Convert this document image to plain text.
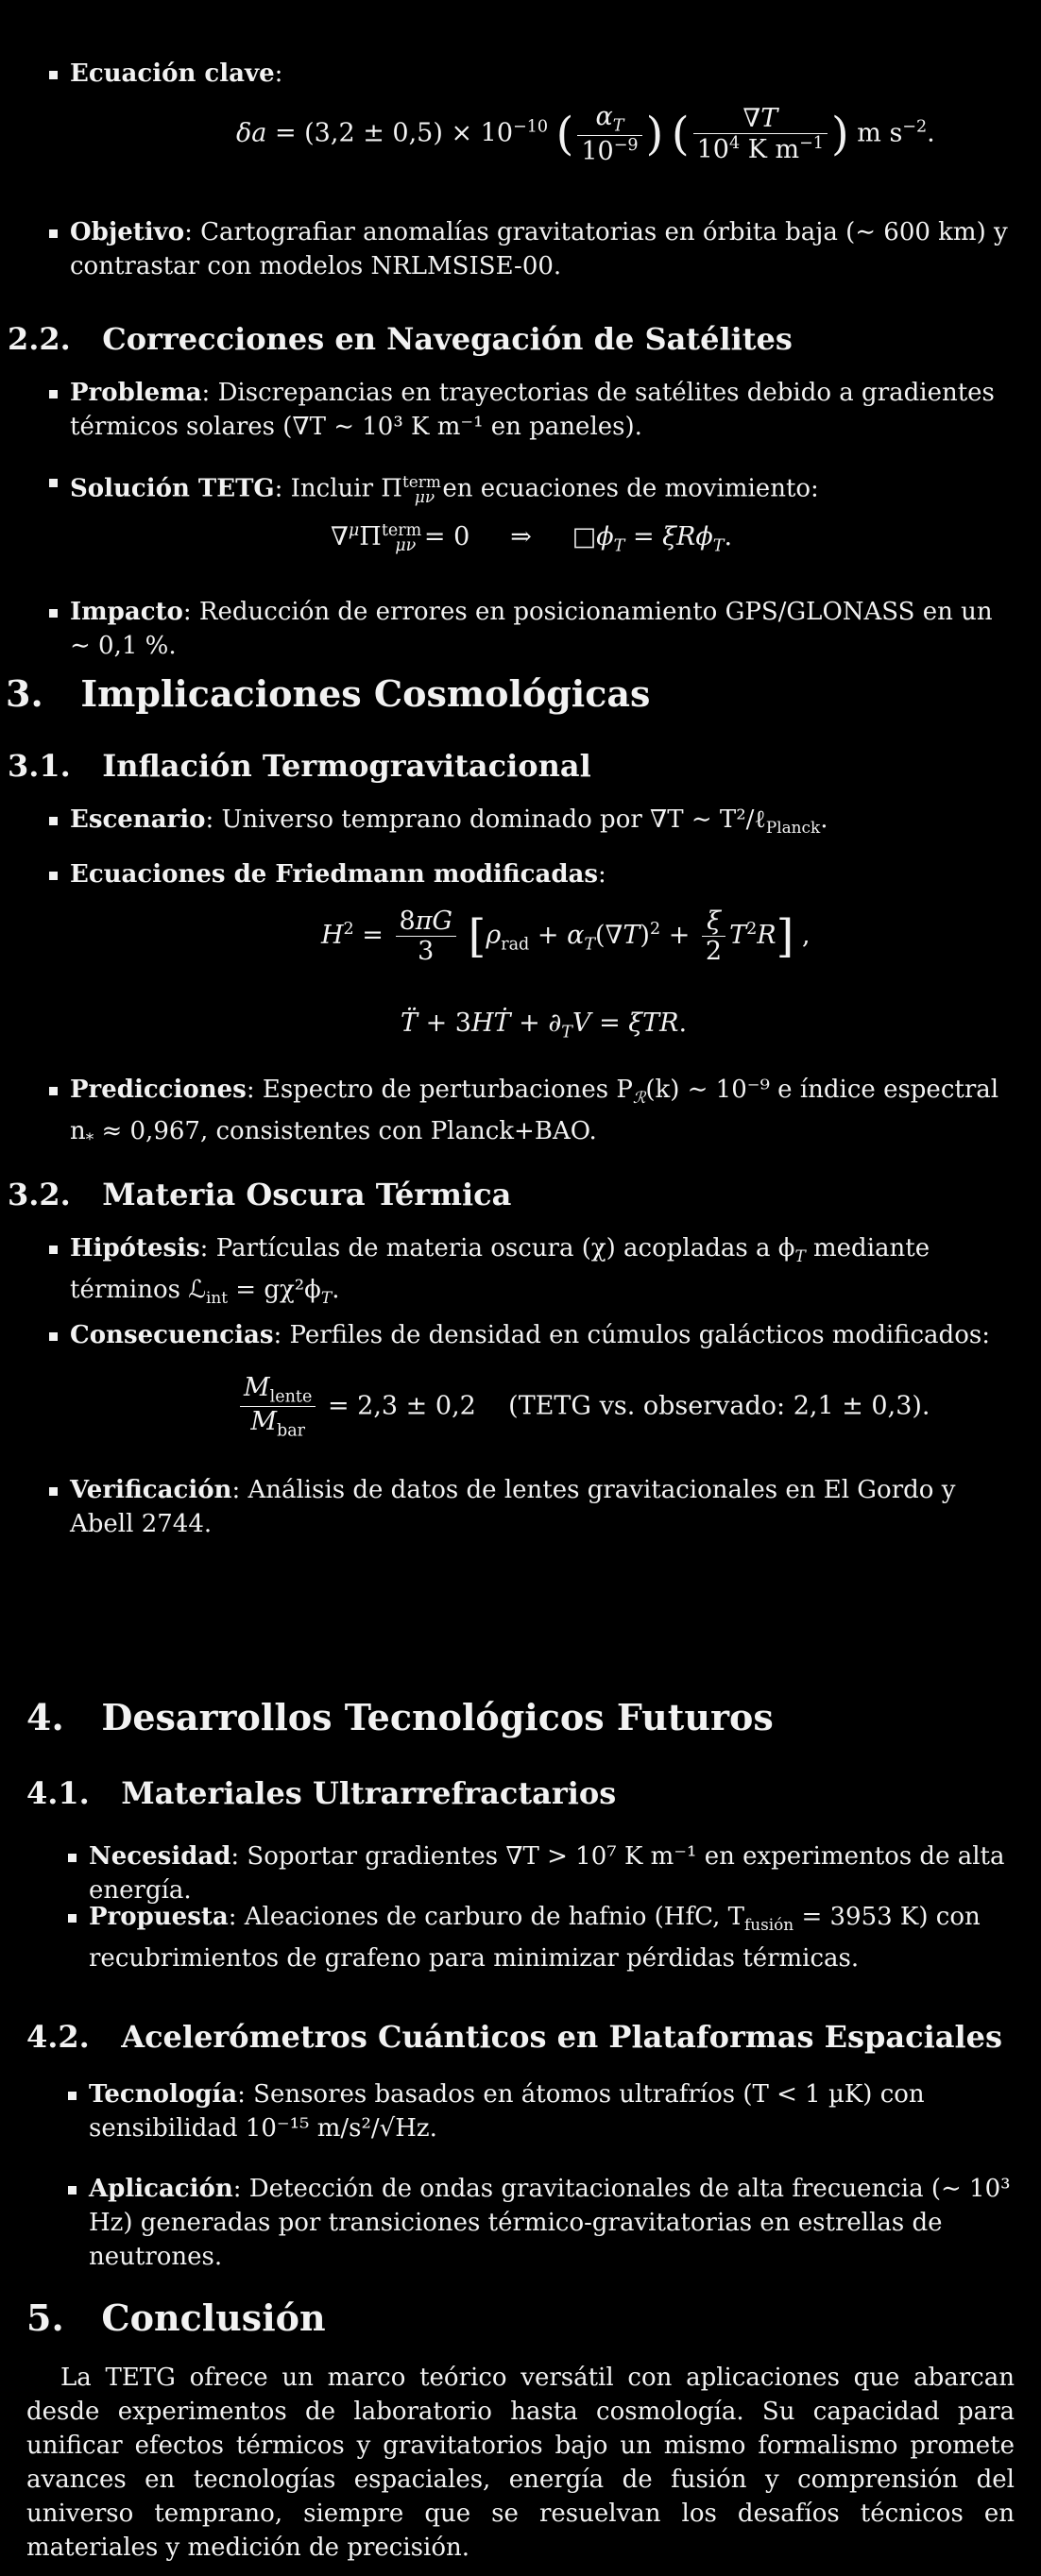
Ecuación clave:
$\delta a = (3,2 \pm 0,5) \times 10^{-10}$ ( $\frac{\alpha_T}{10^{-9}}$ ) ( $\frac{\nabla T}{10^4 K m^{-1}}$ ) m $s^{-2}$.
Objetivo: Cartografiar anomalías gravitatorias en órbita baja (∼ 600 km) y contrastar con modelos NRLMSISE-00.
2.2. Correcciones en Navegación de Satélites
Problema: Discrepancias en trayectorias de satélites debido a gradientes térmicos solares (∇T ∼ 10³ K m⁻¹ en paneles).
Solución TETG: Incluir $\Pi^{term}_{\mu\nu}$ en ecuaciones de movimiento:
$\nabla^\mu\Pi^{term}_{\mu\nu} = 0$     ⇒     $□\phi_T = \xi R\phi_T$.
Impacto: Reducción de errores en posicionamiento GPS/GLONASS en un ∼ 0,1 %.
3. Implicaciones Cosmológicas
3.1. Inflación Termogravitacional
Escenario: Universo temprano dominado por ∇T ∼ T²/ℓ$_{Planck}$.
Ecuaciones de Friedmann modificadas:
$H^2 = \frac{8\pi G}{3} [\rho_{rad} + \alpha_T(\nabla T)^2 + \frac{\xi}{2} T^2R]$ ,
T̈ + 3HṪ + $\partial_TV = \xi TR$.
Predicciones: Espectro de perturbaciones $P_ℛ(k)$ ∼ 10⁻⁹ e índice espectral $n_* \approx 0,967$, consistentes con Planck+BAO.
3.2. Materia Oscura Térmica
Hipótesis: Partículas de materia oscura (χ) acopladas a $\phi_T$ mediante términos ℒ$_{int}$ = $g\chi^2\phi_T$.
Consecuencias: Perfiles de densidad en cúmulos galácticos modificados:
$\frac{M_{lente}}{M_{bar}} = 2,3 \pm 0,2$ (TETG vs. observado: 2,1 ± 0,3).
Verificación: Análisis de datos de lentes gravitacionales en El Gordo y Abell 2744.
4. Desarrollos Tecnológicos Futuros
4.1. Materiales Ultrarrefractarios
Necesidad: Soportar gradientes ∇T > 10⁷ K m⁻¹ en experimentos de alta energía.
Propuesta: Aleaciones de carburo de hafnio (HfC, $T_{fusión} = 3953$ K) con recubrimientos de grafeno para minimizar pérdidas térmicas.
4.2. Acelerómetros Cuánticos en Plataformas Espaciales
Tecnología: Sensores basados en átomos ultrafríos (T < 1 µK) con sensibilidad 10⁻¹⁵ m/s²/√Hz.
Aplicación: Detección de ondas gravitacionales de alta frecuencia (∼ 10³ Hz) generadas por transiciones térmico-gravitatorias en estrellas de neutrones.
5. Conclusión
La TETG ofrece un marco teórico versátil con aplicaciones que abarcan desde experimentos de laboratorio hasta cosmología. Su capacidad para unificar efectos térmicos y gravitatorios bajo un mismo formalismo promete avances en tecnologías espaciales, energía de fusión y comprensión del universo temprano, siempre que se resuelvan los desafíos técnicos en materiales y medición de precisión.
